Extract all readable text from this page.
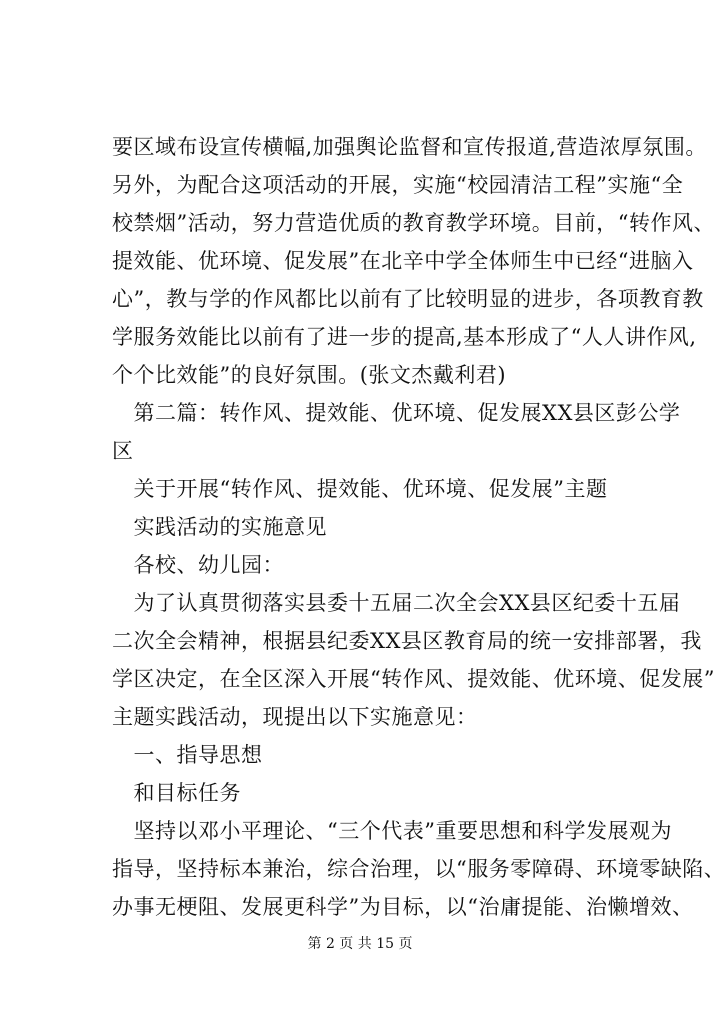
要区域布设宣传横幅,加强舆论监督和宣传报道,营造浓厚氛围。
另外，为配合这项活动的开展，实施“校园清洁工程”实施“全
校禁烟”活动，努力营造优质的教育教学环境。目前，“转作风、
提效能、优环境、促发展”在北辛中学全体师生中已经“进脑入
心”，教与学的作风都比以前有了比较明显的进步，各项教育教
学服务效能比以前有了进一步的提高,基本形成了“人人讲作风,
个个比效能”的良好氛围。(张文杰戴利君)
　第二篇：转作风、提效能、优环境、促发展XX县区彭公学
区
　关于开展“转作风、提效能、优环境、促发展”主题
　实践活动的实施意见
　各校、幼儿园：
　为了认真贯彻落实县委十五届二次全会XX县区纪委十五届
二次全会精神，根据县纪委XX县区教育局的统一安排部署，我
学区决定，在全区深入开展“转作风、提效能、优环境、促发展”
主题实践活动，现提出以下实施意见：
　一、指导思想
　和目标任务
　坚持以邓小平理论、“三个代表”重要思想和科学发展观为
指导，坚持标本兼治，综合治理，以“服务零障碍、环境零缺陷、
办事无梗阻、发展更科学”为目标，以“治庸提能、治懒增效、
第 2 页 共 15 页
